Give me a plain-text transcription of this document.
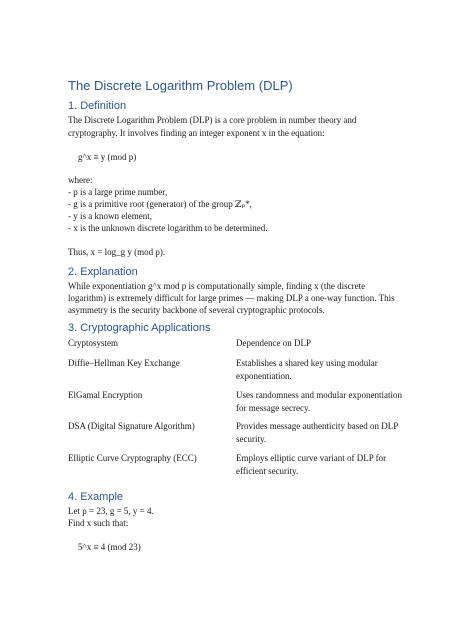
The Discrete Logarithm Problem (DLP)
1. Definition
The Discrete Logarithm Problem (DLP) is a core problem in number theory and
cryptography. It involves finding an integer exponent x in the equation:
g^x ≡ y (mod p)
where:
- p is a large prime number,
- g is a primitive root (generator) of the group ℤₚ*,
- y is a known element,
- x is the unknown discrete logarithm to be determined.
Thus, x = log_g y (mod p).
2. Explanation
While exponentiation g^x mod p is computationally simple, finding x (the discrete
logarithm) is extremely difficult for large primes — making DLP a one-way function. This
asymmetry is the security backbone of several cryptographic protocols.
3. Cryptographic Applications
Cryptosystem	Dependence on DLP
Diffie–Hellman Key Exchange	Establishes a shared key using modular exponentiation.
ElGamal Encryption	Uses randomness and modular exponentiation for message secrecy.
DSA (Digital Signature Algorithm)	Provides message authenticity based on DLP security.
Elliptic Curve Cryptography (ECC)	Employs elliptic curve variant of DLP for efficient security.
4. Example
Let p = 23, g = 5, y = 4.
Find x such that:
5^x ≡ 4 (mod 23)
